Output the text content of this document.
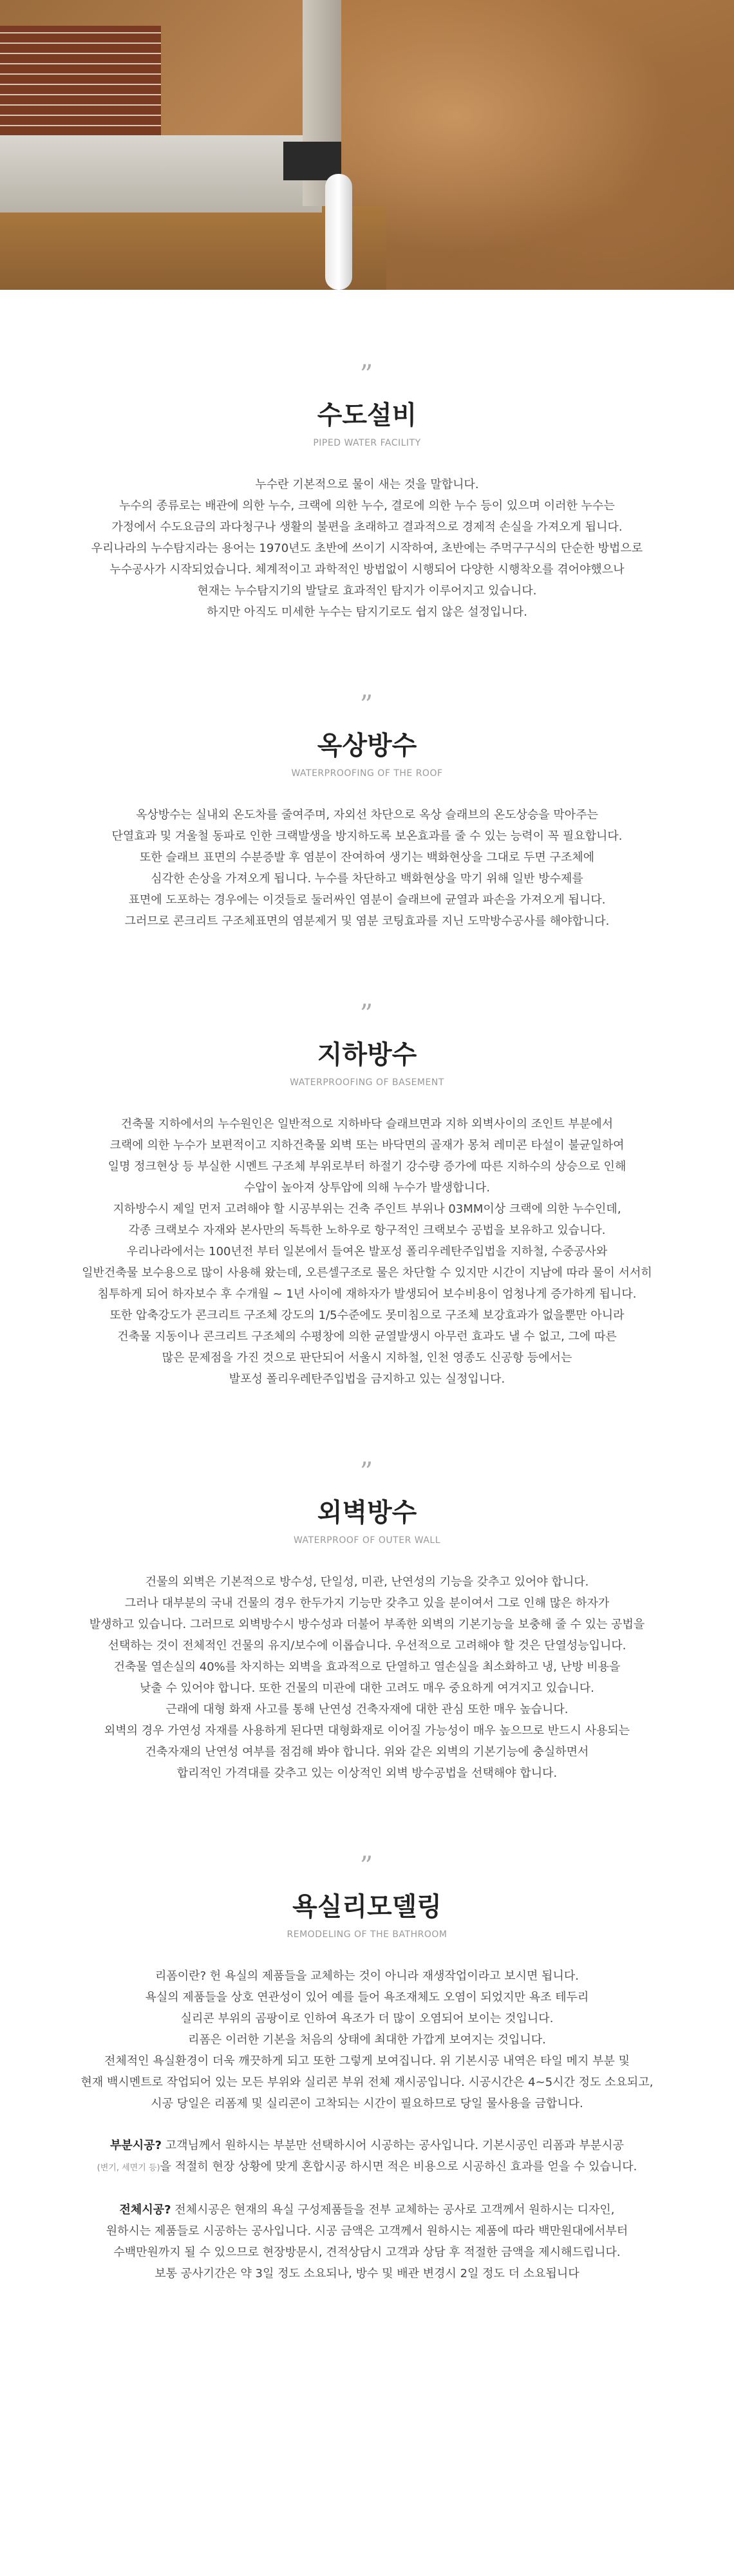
”
수도설비
PIPED WATER FACILITY

누수란 기본적으로 물이 새는 것을 말합니다.

누수의 종류로는 배관에 의한 누수, 크랙에 의한 누수, 결로에 의한 누수 등이 있으며 이러한 누수는

가정에서 수도요금의 과다청구나 생활의 불편을 초래하고 결과적으로 경제적 손실을 가져오게 됩니다.

우리나라의 누수탐지라는 용어는 1970년도 초반에 쓰이기 시작하여, 초반에는 주먹구구식의 단순한 방법으로

누수공사가 시작되었습니다. 체계적이고 과학적인 방법없이 시행되어 다양한 시행착오를 겪어야했으나

현재는 누수탐지기의 발달로 효과적인 탐지가 이루어지고 있습니다.

하지만 아직도 미세한 누수는 탐지기로도 쉽지 않은 설정입니다.

”
옥상방수
WATERPROOFING OF THE ROOF

옥상방수는 실내외 온도차를 줄여주며, 자외선 차단으로 옥상 슬래브의 온도상승을 막아주는

단열효과 및 겨울철 동파로 인한 크랙발생을 방지하도록 보온효과를 줄 수 있는 능력이 꼭 필요합니다.

또한 슬래브 표면의 수분증발 후 염분이 잔여하여 생기는 백화현상을 그대로 두면 구조체에

심각한 손상을 가져오게 됩니다. 누수를 차단하고 백화현상을 막기 위해 일반 방수제를

표면에 도포하는 경우에는 이것들로 둘러싸인 염분이 슬래브에 균열과 파손을 가져오게 됩니다.

그러므로 콘크리트 구조체표면의 염분제거 및 염분 코팅효과를 지닌 도막방수공사를 해야합니다.

”
지하방수
WATERPROOFING OF BASEMENT

건축물 지하에서의 누수원인은 일반적으로 지하바닥 슬래브면과 지하 외벽사이의 조인트 부분에서

크랙에 의한 누수가 보편적이고 지하건축물 외벽 또는 바닥면의 골재가 몽쳐 레미콘 타설이 불균일하여

일명 정크현상 등 부실한 시멘트 구조체 부위로부터 하절기 강수량 증가에 따른 지하수의 상승으로 인해

수압이 높아져 상투압에 의해 누수가 발생합니다.

지하방수시 제일 먼저 고려해야 할 시공부위는 건축 주인트 부위나 03MM이상 크랙에 의한 누수인데,

각종 크랙보수 자재와 본사만의 독특한 노하우로 항구적인 크랙보수 공법을 보유하고 있습니다.

우리나라에서는 100년전 부터 일본에서 들여온 발포성 폴리우레탄주입법을 지하철, 수중공사와

일반건축물 보수용으로 많이 사용해 왔는데, 오른셀구조로 물은 차단할 수 있지만 시간이 지남에 따라 물이 서서히

침투하게 되어 하자보수 후 수개월 ~ 1년 사이에 재하자가 발생되어 보수비용이 엄청나게 증가하게 됩니다.

또한 압축강도가 콘크리트 구조체 강도의 1/5수준에도 못미침으로 구조체 보강효과가 없을뿐만 아니라

건축물 지동이나 콘크리트 구조체의 수평창에 의한 균열발생시 아무런 효과도 낼 수 없고, 그에 따른

많은 문제점을 가진 것으로 판단되어 서울시 지하철, 인천 영종도 신공항 등에서는

발포성 폴리우레탄주입법을 금지하고 있는 실정입니다.

”
외벽방수
WATERPROOF OF OUTER WALL

건물의 외벽은 기본적으로 방수성, 단일성, 미관, 난연성의 기능을 갖추고 있어야 합니다.

그러나 대부분의 국내 건물의 경우 한두가지 기능만 갖추고 있을 분이여서 그로 인해 많은 하자가

발생하고 있습니다. 그러므로 외벽방수시 방수성과 더불어 부족한 외벽의 기본기능을 보충해 줄 수 있는 공법을

선택하는 것이 전체적인 건물의 유지/보수에 이롭습니다. 우선적으로 고려해야 할 것은 단열성능입니다.

건축물 열손실의 40%를 차지하는 외벽을 효과적으로 단열하고 열손실을 최소화하고 냉, 난방 비용을

낮출 수 있어야 합니다. 또한 건물의 미관에 대한 고려도 매우 중요하게 여겨지고 있습니다.

근래에 대형 화재 사고를 통해 난연성 건축자재에 대한 관심 또한 매우 높습니다.

외벽의 경우 가연성 자재를 사용하게 된다면 대형화재로 이어질 가능성이 매우 높으므로 반드시 사용되는

건축자재의 난연성 여부를 점검해 봐야 합니다. 위와 같은 외벽의 기본기능에 충실하면서

합리적인 가격대를 갖추고 있는 이상적인 외벽 방수공법을 선택해야 합니다.

”
욕실리모델링
REMODELING OF THE BATHROOM

리폼이란? 헌 욕실의 제품들을 교체하는 것이 아니라 재생작업이라고 보시면 됩니다.

욕실의 제품들을 상호 연관성이 있어 예를 들어 욕조재체도 오염이 되었지만 욕조 테두리

실리콘 부위의 곰팡이로 인하여 욕조가 더 많이 오염되어 보이는 것입니다.

리폼은 이러한 기본을 처음의 상태에 최대한 가깝게 보여지는 것입니다.

전체적인 욕실환경이 더욱 깨끗하게 되고 또한 그렇게 보여집니다. 위 기본시공 내역은 타일 메지 부분 및

현재 백시멘트로 작업되어 있는 모든 부위와 실리콘 부위 전체 재시공입니다. 시공시간은 4~5시간 정도 소요되고,

시공 당일은 리폼제 및 실리콘이 고착되는 시간이 필요하므로 당일 물사용을 금합니다.

부분시공? 고객님께서 원하시는 부분만 선택하시어 시공하는 공사입니다. 기본시공인 리폼과 부분시공

(변기, 세면기 등)을 적절히 현장 상황에 맞게 혼합시공 하시면 적은 비용으로 시공하신 효과를 얻을 수 있습니다.

전체시공? 전체시공은 현재의 욕실 구성제품들을 전부 교체하는 공사로 고객께서 원하시는 디자인,

원하시는 제품들로 시공하는 공사입니다. 시공 금액은 고객께서 원하시는 제품에 따라 백만원대에서부터

수백만원까지 될 수 있으므로 현장방문시, 견적상담시 고객과 상담 후 적절한 금액을 제시해드립니다.

보통 공사기간은 약 3일 정도 소요되나, 방수 및 배관 변경시 2일 정도 더 소요됩니다
